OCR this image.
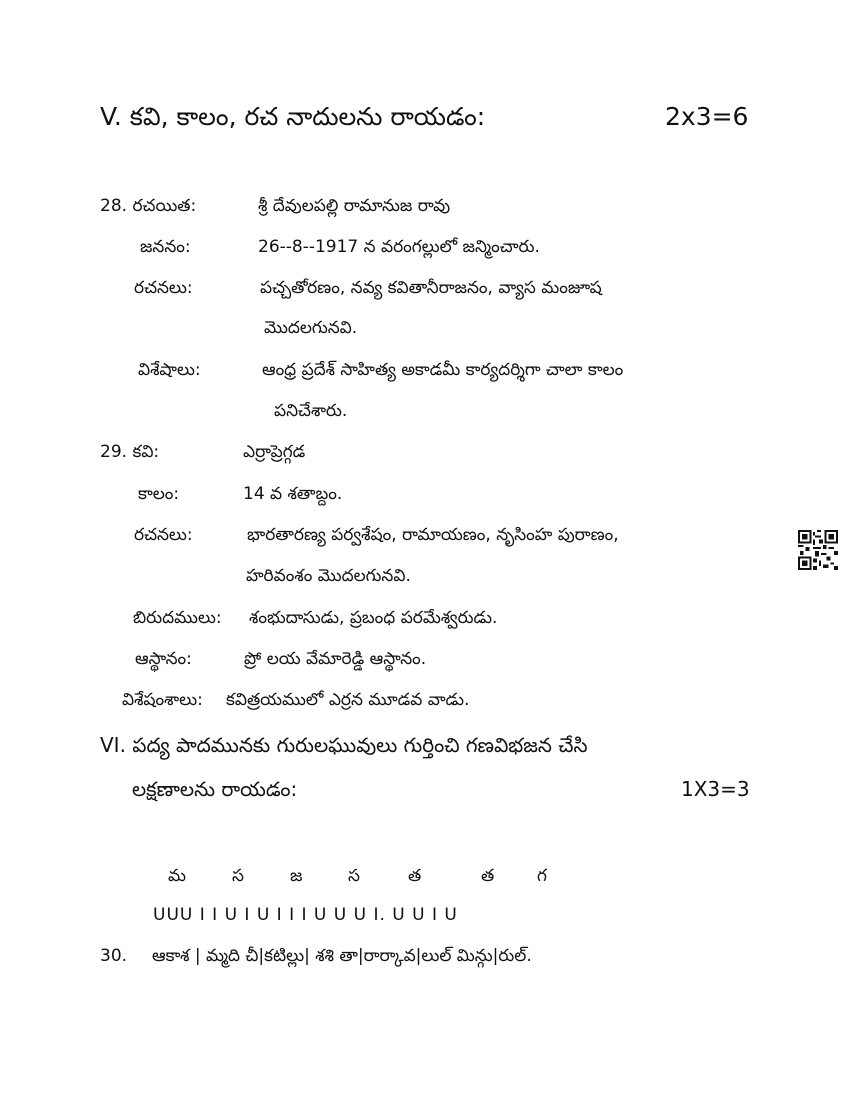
V. కవి, కాలం, రచ నాదులను రాయడం:	2x3=6
28. రచయిత:	శ్రీ దేవులపల్లి రామానుజ రావు
జననం:	26--8--1917 న వరంగల్లులో జన్మించారు.
రచనలు:	పచ్చతోరణం, నవ్య కవితానీరాజనం, వ్యాస మంజూష
మొదలగునవి.
విశేషాలు:	ఆంధ్ర ప్రదేశ్ సాహిత్య అకాడమీ కార్యదర్శిగా చాలా కాలం
పనిచేశారు.
29. కవి:	ఎర్రాప్రెగ్గడ
కాలం:	14 వ శతాబ్దం.
రచనలు:	భారతారణ్య పర్వశేషం, రామాయణం, నృసింహ పురాణం,
హరివంశం మొదలగునవి.
బిరుదములు: శంభుదాసుడు, ప్రబంధ పరమేశ్వరుడు.
ఆస్థానం:	ప్రో లయ వేమారెడ్డి ఆస్థానం.
విశేషంశాలు: కవిత్రయములో ఎర్రన మూడవ వాడు.
VI. పద్య పాదమునకు గురులఘువులు గుర్తించి గణవిభజన చేసి
లక్షణాలను రాయడం:	1X3=3
మ	స	జ	స	త	త	గ
UUU I I U I U I I I U U U I. U U I U
30. ఆకాశ | మ్మది చీ|కటిల్లు| శశి తా|రార్కావ|లుల్ మిన్గు|రుల్.
